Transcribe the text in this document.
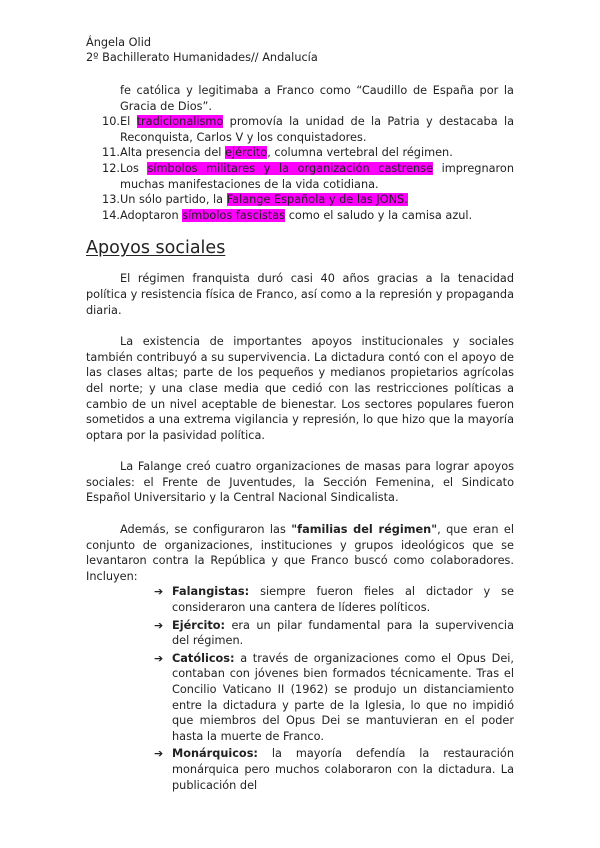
Ángela Olid
2º Bachillerato Humanidades// Andalucía
fe católica y legitimaba a Franco como “Caudillo de España por la Gracia de Dios”.
10. El tradicionalismo promovía la unidad de la Patria y destacaba la Reconquista, Carlos V y los conquistadores.
11. Alta presencia del ejército, columna vertebral del régimen.
12. Los símbolos militares y la organización castrense impregnaron muchas manifestaciones de la vida cotidiana.
13. Un sólo partido, la Falange Española y de las JONS.
14. Adoptaron símbolos fascistas como el saludo y la camisa azul.
Apoyos sociales

El régimen franquista duró casi 40 años gracias a la tenacidad política y resistencia física de Franco, así como a la represión y propaganda diaria.

La existencia de importantes apoyos institucionales y sociales también contribuyó a su supervivencia. La dictadura contó con el apoyo de las clases altas; parte de los pequeños y medianos propietarios agrícolas del norte; y una clase media que cedió con las restricciones políticas a cambio de un nivel aceptable de bienestar. Los sectores populares fueron sometidos a una extrema vigilancia y represión, lo que hizo que la mayoría optara por la pasividad política.

La Falange creó cuatro organizaciones de masas para lograr apoyos sociales: el Frente de Juventudes, la Sección Femenina, el Sindicato Español Universitario y la Central Nacional Sindicalista.

Además, se configuraron las "familias del régimen", que eran el conjunto de organizaciones, instituciones y grupos ideológicos que se levantaron contra la República y que Franco buscó como colaboradores. Incluyen:

➔ Falangistas: siempre fueron fieles al dictador y se consideraron una cantera de líderes políticos.
➔ Ejército: era un pilar fundamental para la supervivencia del régimen.
➔ Católicos: a través de organizaciones como el Opus Dei, contaban con jóvenes bien formados técnicamente. Tras el Concilio Vaticano II (1962) se produjo un distanciamiento entre la dictadura y parte de la Iglesia, lo que no impidió que miembros del Opus Dei se mantuvieran en el poder hasta la muerte de Franco.
➔ Monárquicos: la mayoría defendía la restauración monárquica pero muchos colaboraron con la dictadura. La publicación del
